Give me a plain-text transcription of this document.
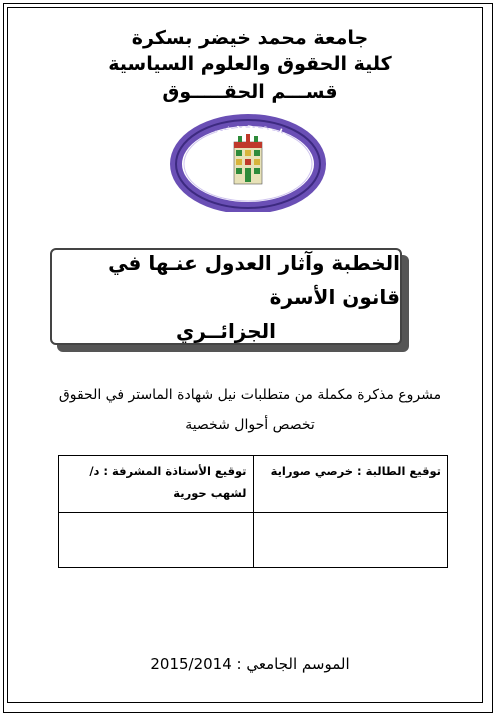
جامعة محمد خيضر بسكرة
كلية الحقوق والعلوم السياسية
قســـم الحقـــــوق
جامعة محمد خيضر
كلية الحقوق والعلوم السياسية
الخطبة وآثار العدول عنـها في قانون الأسرة
الجزائــري
مشروع مذكرة مكملة من متطلبات نيل شهادة الماستر في الحقوق
تخصص أحوال شخصية
توقيع الطالبة : خرصي صوراية	توقيع الأستاذة المشرفة : د/لشهب حورية

الموسم الجامعي : 2015/2014
